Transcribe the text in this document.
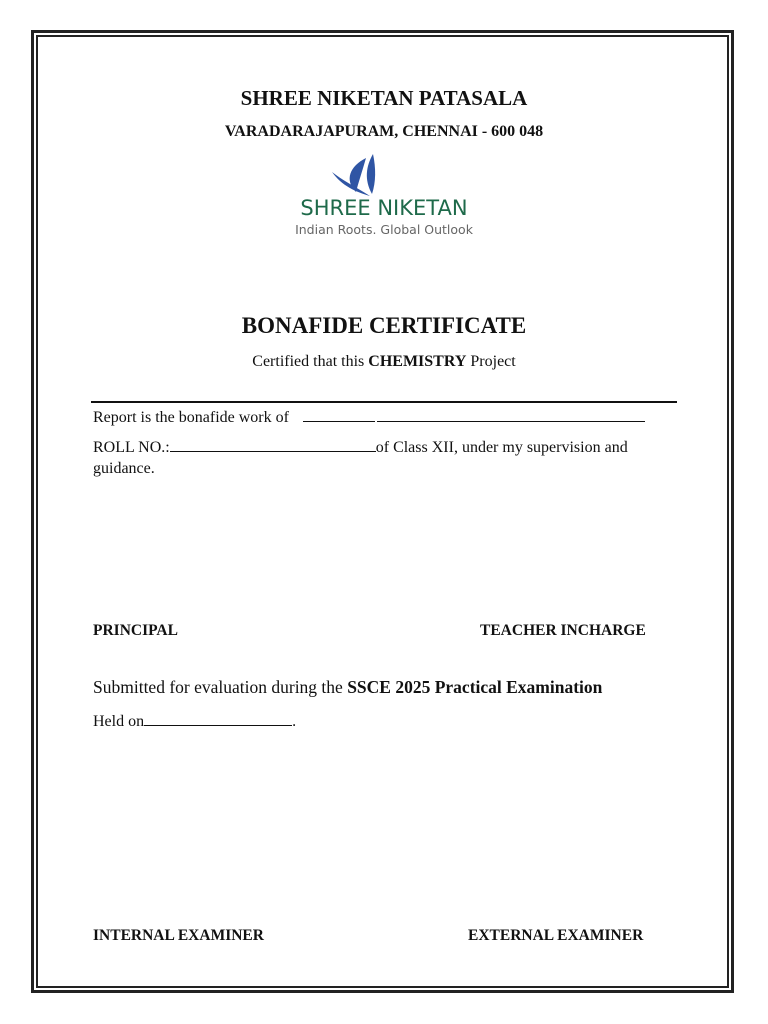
SHREE NIKETAN PATASALA
VARADARAJAPURAM, CHENNAI - 600 048
SHREE NIKETAN
Indian Roots. Global Outlook
BONAFIDE CERTIFICATE
Certified that this CHEMISTRY Project
Report is the bonafide work of
ROLL NO.:	of Class XII, under my supervision and
guidance.
PRINCIPAL	TEACHER INCHARGE
Submitted for evaluation during the SSCE 2025 Practical Examination
Held on	.
INTERNAL EXAMINER	EXTERNAL EXAMINER
